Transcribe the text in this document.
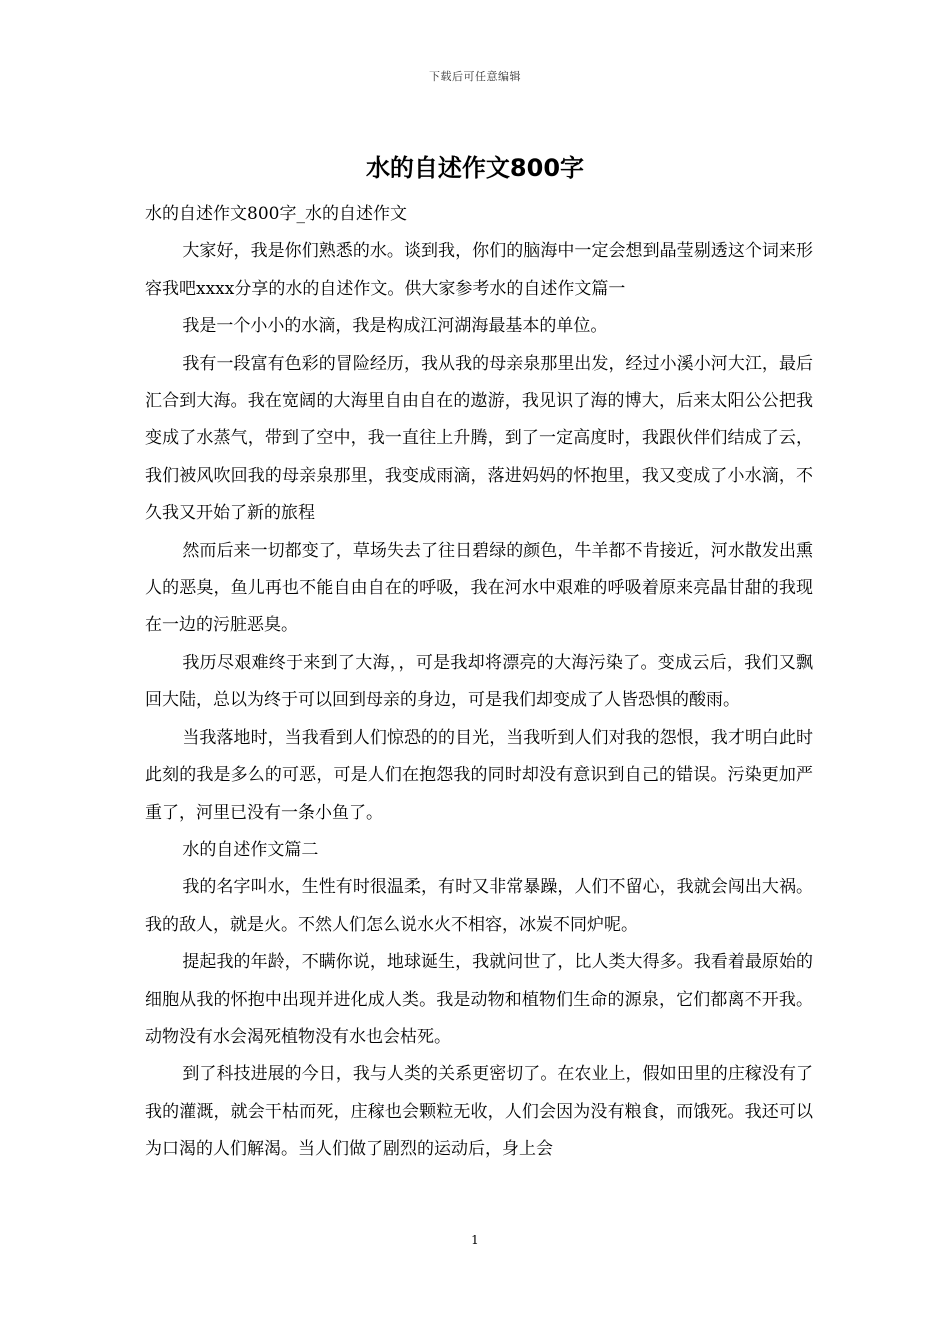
下载后可任意编辑
水的自述作文800字

水的自述作文800字_水的自述作文

大家好，我是你们熟悉的水。谈到我，你们的脑海中一定会想到晶莹剔透这个词来形容我吧xxxx分享的水的自述作文。供大家参考水的自述作文篇一

我是一个小小的水滴，我是构成江河湖海最基本的单位。

我有一段富有色彩的冒险经历，我从我的母亲泉那里出发，经过小溪小河大江，最后汇合到大海。我在宽阔的大海里自由自在的遨游，我见识了海的博大，后来太阳公公把我变成了水蒸气，带到了空中，我一直往上升腾，到了一定高度时，我跟伙伴们结成了云，我们被风吹回我的母亲泉那里，我变成雨滴，落进妈妈的怀抱里，我又变成了小水滴，不久我又开始了新的旅程

然而后来一切都变了，草场失去了往日碧绿的颜色，牛羊都不肯接近，河水散发出熏人的恶臭，鱼儿再也不能自由自在的呼吸，我在河水中艰难的呼吸着原来亮晶甘甜的我现在一边的污脏恶臭。

我历尽艰难终于来到了大海，，可是我却将漂亮的大海污染了。变成云后，我们又飘回大陆，总以为终于可以回到母亲的身边，可是我们却变成了人皆恐惧的酸雨。

当我落地时，当我看到人们惊恐的的目光，当我听到人们对我的怨恨，我才明白此时此刻的我是多么的可恶，可是人们在抱怨我的同时却没有意识到自己的错误。污染更加严重了，河里已没有一条小鱼了。

水的自述作文篇二

我的名字叫水，生性有时很温柔，有时又非常暴躁，人们不留心，我就会闯出大祸。我的敌人，就是火。不然人们怎么说水火不相容，冰炭不同炉呢。

提起我的年龄，不瞒你说，地球诞生，我就问世了，比人类大得多。我看着最原始的细胞从我的怀抱中出现并进化成人类。我是动物和植物们生命的源泉，它们都离不开我。动物没有水会渴死植物没有水也会枯死。

到了科技进展的今日，我与人类的关系更密切了。在农业上，假如田里的庄稼没有了我的灌溉，就会干枯而死，庄稼也会颗粒无收，人们会因为没有粮食，而饿死。我还可以为口渴的人们解渴。当人们做了剧烈的运动后，身上会

1
